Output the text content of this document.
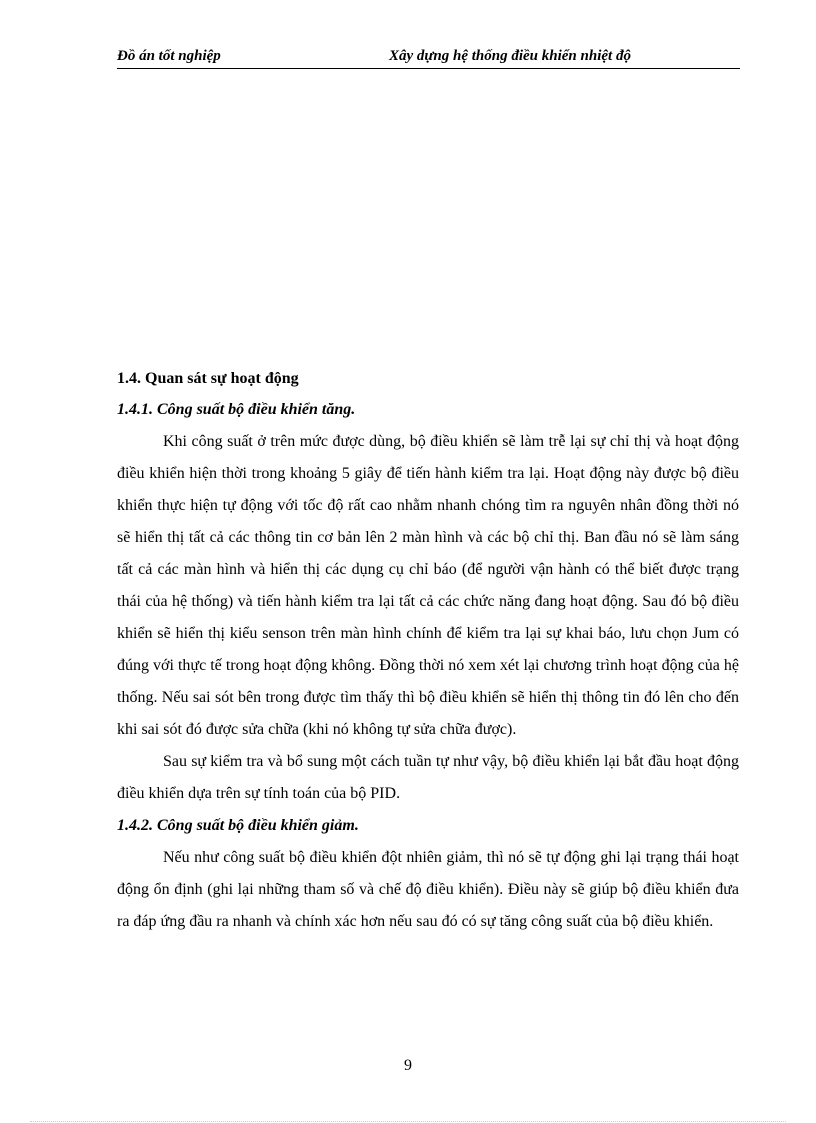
Đồ án tốt nghiệp	Xây dựng hệ thống điều khiển nhiệt độ
1.4. Quan sát sự hoạt động
1.4.1. Công suất bộ điều khiển tăng.

Khi công suất ở trên mức được dùng, bộ điều khiển sẽ làm trễ lại sự chỉ thị và hoạt động điều khiển hiện thời trong khoảng 5 giây để tiến hành kiểm tra lại. Hoạt động này được bộ điều khiển thực hiện tự động với tốc độ rất cao nhằm nhanh chóng tìm ra nguyên nhân đồng thời nó sẽ hiển thị tất cả các thông tin cơ bản lên 2 màn hình và các bộ chỉ thị. Ban đầu nó sẽ làm sáng tất cả các màn hình và hiển thị các dụng cụ chỉ báo (để người vận hành có thể biết được trạng thái của hệ thống) và tiến hành kiểm tra lại tất cả các chức năng đang hoạt động. Sau đó bộ điều khiển sẽ hiển thị kiểu senson trên màn hình chính để kiểm tra lại sự khai báo, lưu chọn Jum có đúng với thực tế trong hoạt động không. Đồng thời nó xem xét lại chương trình hoạt động của hệ thống. Nếu sai sót bên trong được tìm thấy thì bộ điều khiển sẽ hiển thị thông tin đó lên cho đến khi sai sót đó được sửa chữa (khi nó không tự sửa chữa được).

Sau sự kiểm tra và bổ sung một cách tuần tự như vậy, bộ điều khiển lại bắt đầu hoạt động điều khiển dựa trên sự tính toán của bộ PID.

1.4.2. Công suất bộ điều khiển giảm.

Nếu như công suất bộ điều khiển đột nhiên giảm, thì nó sẽ tự động ghi lại trạng thái hoạt động ổn định (ghi lại những tham số và chế độ điều khiển). Điều này sẽ giúp bộ điều khiển đưa ra đáp ứng đầu ra nhanh và chính xác hơn nếu sau đó có sự tăng công suất của bộ điều khiển.

9
